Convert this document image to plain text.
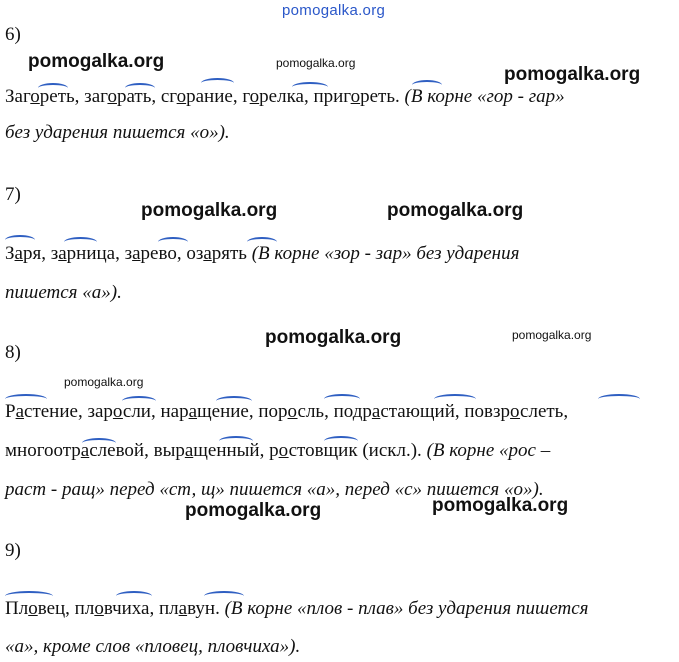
pomogalka.org
pomogalka.org	pomogalka.org
pomogalka.org
pomogalka.org	pomogalka.org
pomogalka.org	pomogalka.org
pomogalka.org
pomogalka.org	pomogalka.org
6)
7)
8)
9)
Загореть, загорать, сгорание, горелка, пригореть. (В корне «гор - гар»
без ударения пишется «о»).
Заря, зарница, зарево, озарять (В корне «зор - зар» без ударения
пишется «а»).
Растение, заросли, наращение, поросль, подрастающий, повзрослеть,
многоотраслевой, выращенный, ростовщик (искл.). (В корне «рос –
раст - ращ» перед «ст, щ» пишется «а», перед «с» пишется «о»).
Пловец, пловчиха, плавун. (В корне «плов - плав» без ударения пишется
«а», кроме слов «пловец, пловчиха»).
